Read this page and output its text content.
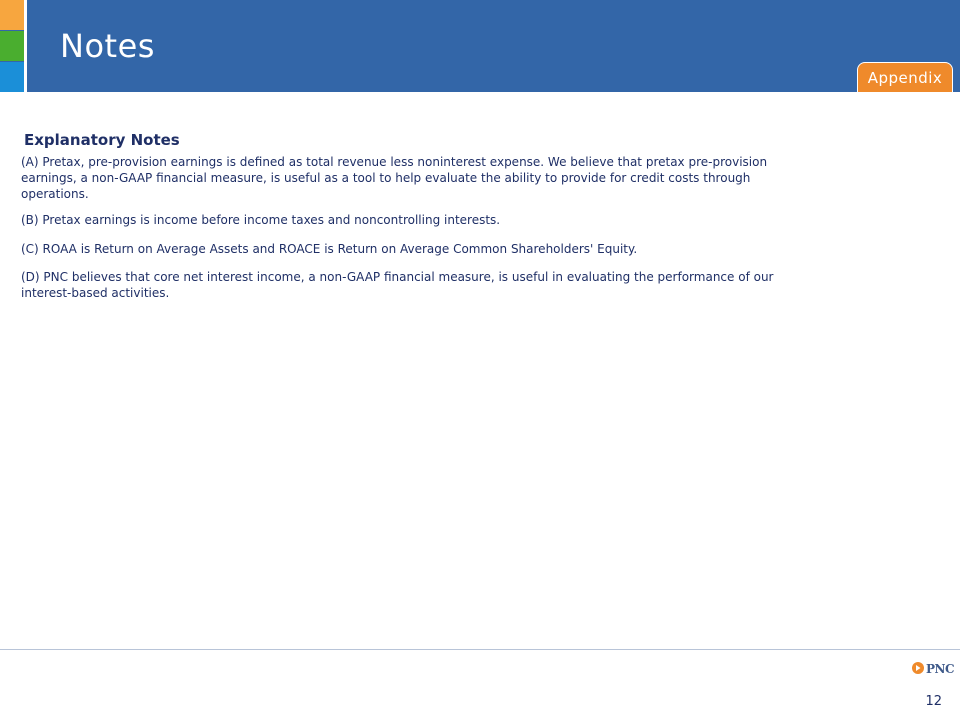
Notes
Appendix
Explanatory Notes

(A) Pretax, pre-provision earnings is defined as total revenue less noninterest expense. We believe that pretax pre-provision earnings, a non-GAAP financial measure, is useful as a tool to help evaluate the ability to provide for credit costs through operations.

(B) Pretax earnings is income before income taxes and noncontrolling interests.

(C) ROAA is Return on Average Assets and ROACE is Return on Average Common Shareholders' Equity.

(D) PNC believes that core net interest income, a non-GAAP financial measure, is useful in evaluating the performance of our interest-based activities.

PNC
12
